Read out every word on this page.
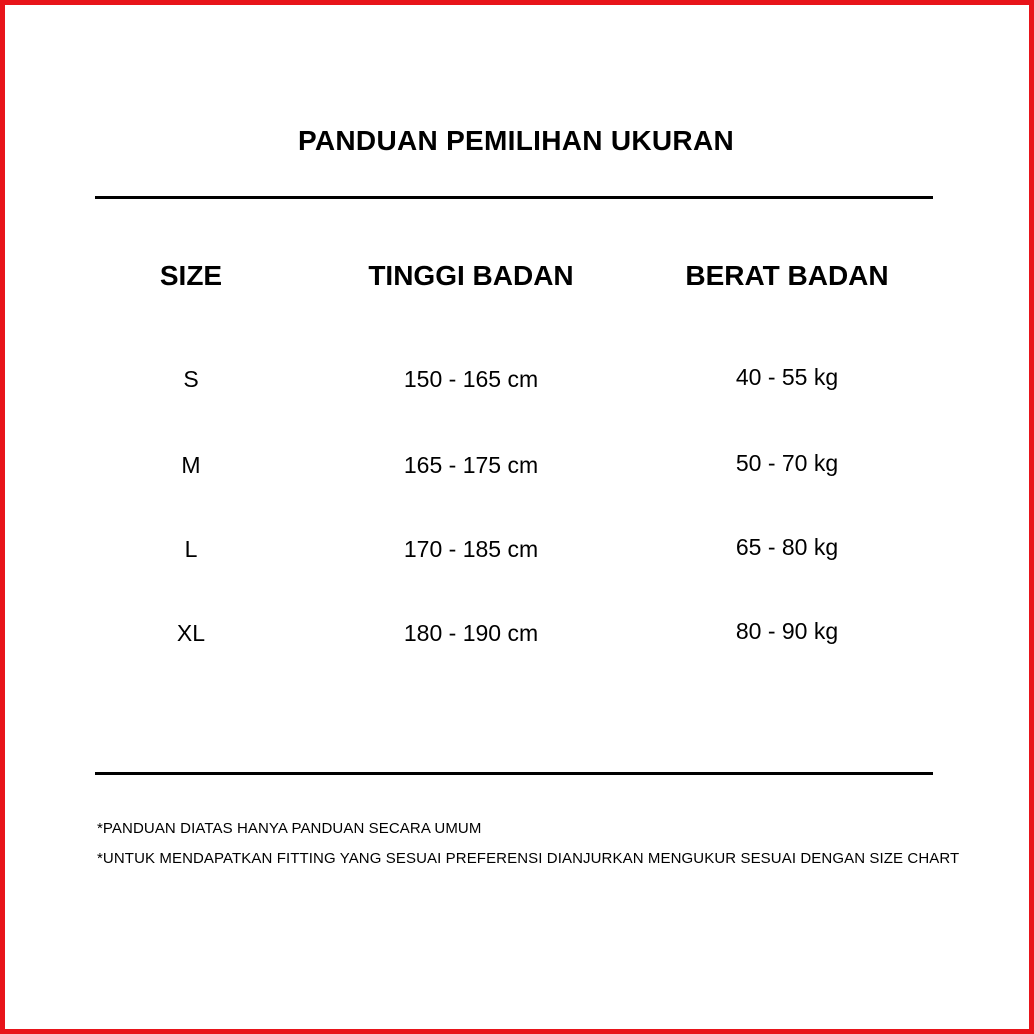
PANDUAN PEMILIHAN UKURAN
SIZE	TINGGI BADAN	BERAT BADAN
S	150 - 165 cm	40 - 55 kg
M	165 - 175 cm	50 - 70 kg
L	170 - 185 cm	65 - 80 kg
XL	180 - 190 cm	80 - 90 kg
*PANDUAN DIATAS HANYA PANDUAN SECARA UMUM
*UNTUK MENDAPATKAN FITTING YANG SESUAI PREFERENSI DIANJURKAN MENGUKUR SESUAI DENGAN SIZE CHART
